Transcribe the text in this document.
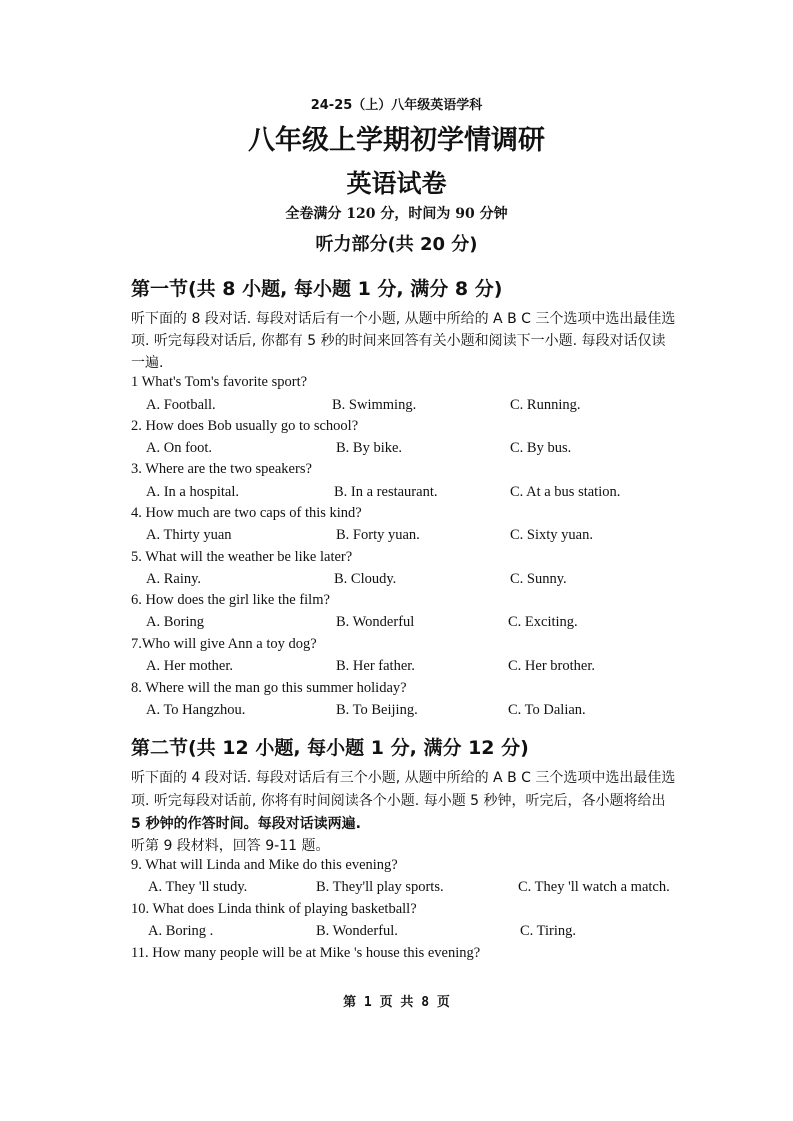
24-25（上）八年级英语学科
八年级上学期初学情调研
英语试卷
全卷满分 120 分，时间为 90 分钟
听力部分(共 20 分)
第一节(共 8 小题, 每小题 1 分, 满分 8 分)
听下面的 8 段对话. 每段对话后有一个小题, 从题中所给的 A B C 三个选项中选出最佳选
项. 听完每段对话后, 你都有 5 秒的时间来回答有关小题和阅读下一小题. 每段对话仅读
一遍.
1 What's Tom's favorite sport?
A. Football.	B. Swimming.	C. Running.
2. How does Bob usually go to school?
A. On foot.	B. By bike.	C. By bus.
3. Where are the two speakers?
A. In a hospital.	B. In a restaurant.	C. At a bus station.
4. How much are two caps of this kind?
A. Thirty yuan	B. Forty yuan.	C. Sixty yuan.
5. What will the weather be like later?
A. Rainy.	B. Cloudy.	C. Sunny.
6. How does the girl like the film?
A. Boring	B. Wonderful	C. Exciting.
7.Who will give Ann a toy dog?
A. Her mother.	B. Her father.	C. Her brother.
8. Where will the man go this summer holiday?
A. To Hangzhou.	B. To Beijing.	C. To Dalian.
第二节(共 12 小题, 每小题 1 分, 满分 12 分)
听下面的 4 段对话. 每段对话后有三个小题, 从题中所给的 A B C 三个选项中选出最佳选
项. 听完每段对话前, 你将有时间阅读各个小题. 每小题 5 秒钟，听完后，各小题将给出
5 秒钟的作答时间。每段对话读两遍.
听第 9 段材料，回答 9-11 题。
9. What will Linda and Mike do this evening?
A. They 'll study.	B. They'll play sports.	C. They 'll watch a match.
10. What does Linda think of playing basketball?
A. Boring .	B. Wonderful.	C. Tiring.
11. How many people will be at Mike 's house this evening?
第 1 页 共 8 页
